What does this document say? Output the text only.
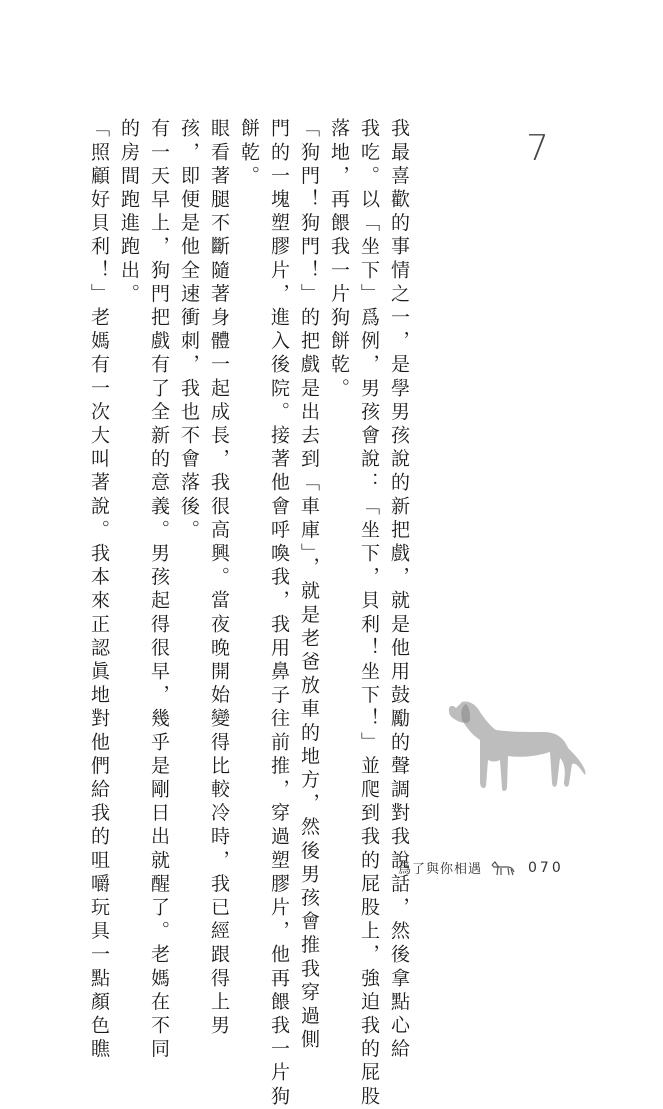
7
我最喜歡的事情之一，是學男孩說的新把戲，就是他用鼓勵的聲調對我說話，然後拿點心給
我吃。以「坐下」爲例，男孩會說：「坐下，貝利！坐下！」並爬到我的屁股上，強迫我的屁股
落地，再餵我一片狗餅乾。
「狗門！狗門！」的把戲是出去到「車庫」，就是老爸放車的地方，然後男孩會推我穿過側
門的一塊塑膠片，進入後院。接著他會呼喚我，我用鼻子往前推，穿過塑膠片，他再餵我一片狗
餅乾。
眼看著腿不斷隨著身體一起成長，我很高興。當夜晚開始變得比較冷時，我已經跟得上男
孩，即便是他全速衝刺，我也不會落後。
有一天早上，狗門把戲有了全新的意義。男孩起得很早，幾乎是剛日出就醒了。老媽在不同
的房間跑進跑出。
「照顧好貝利！」老媽有一次大叫著說。我本來正認眞地對他們給我的咀嚼玩具一點顏色瞧	爲了與你相遇	070
